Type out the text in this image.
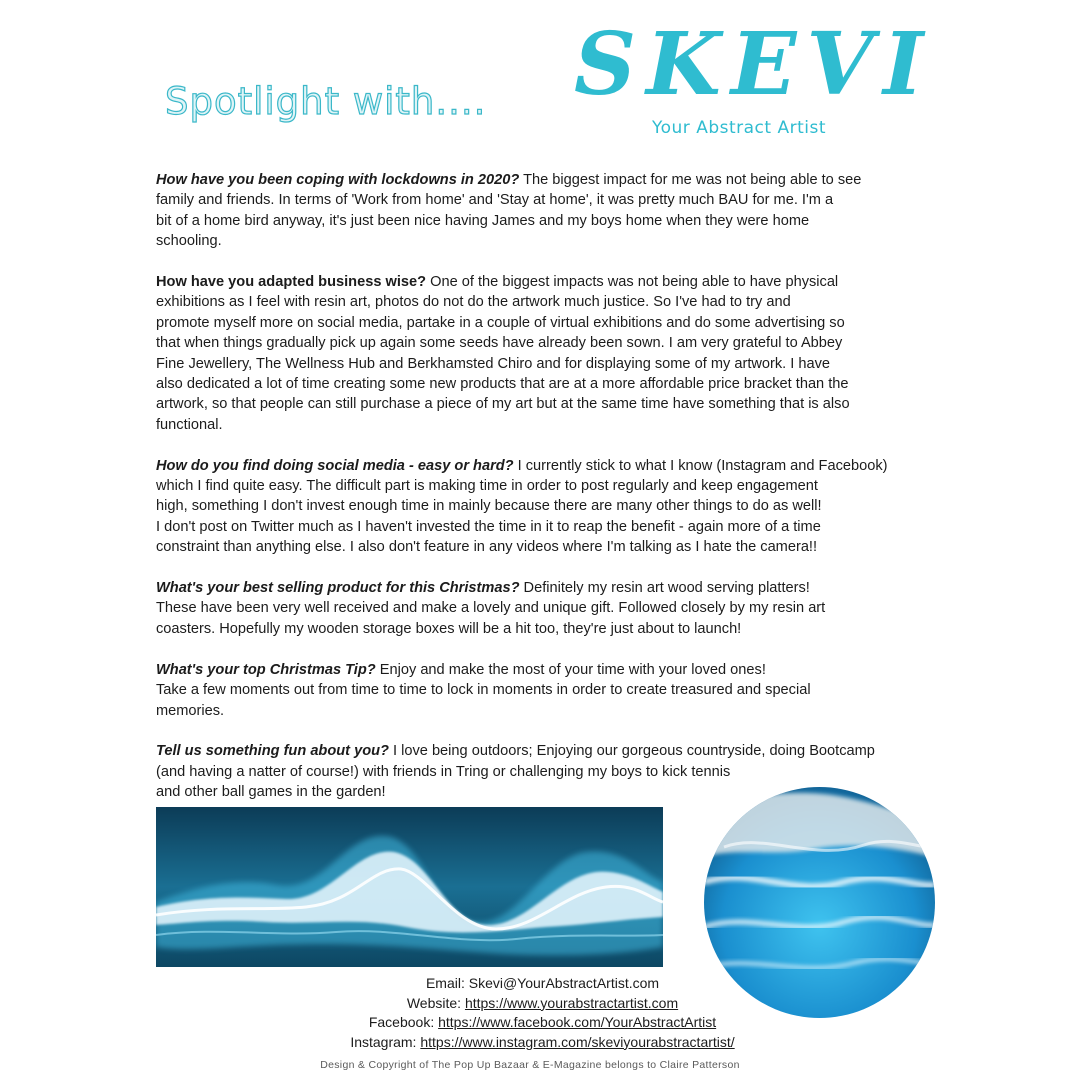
Spotlight with.... SKEVI
Your Abstract Artist

How have you been coping with lockdowns in 2020? The biggest impact for me was not being able to see
family and friends. In terms of 'Work from home' and 'Stay at home', it was pretty much BAU for me. I'm a
bit of a home bird anyway, it's just been nice having James and my boys home when they were home
schooling.

How have you adapted business wise? One of the biggest impacts was not being able to have physical
exhibitions as I feel with resin art, photos do not do the artwork much justice. So I've had to try and
promote myself more on social media, partake in a couple of virtual exhibitions and do some advertising so
that when things gradually pick up again some seeds have already been sown. I am very grateful to Abbey
Fine Jewellery, The Wellness Hub and Berkhamsted Chiro and for displaying some of my artwork. I have
also dedicated a lot of time creating some new products that are at a more affordable price bracket than the
artwork, so that people can still purchase a piece of my art but at the same time have something that is also
functional.

How do you find doing social media - easy or hard? I currently stick to what I know (Instagram and Facebook)
which I find quite easy. The difficult part is making time in order to post regularly and keep engagement
high, something I don't invest enough time in mainly because there are many other things to do as well!
I don't post on Twitter much as I haven't invested the time in it to reap the benefit - again more of a time
constraint than anything else. I also don't feature in any videos where I'm talking as I hate the camera!!

What's your best selling product for this Christmas? Definitely my resin art wood serving platters!
These have been very well received and make a lovely and unique gift. Followed closely by my resin art
coasters. Hopefully my wooden storage boxes will be a hit too, they're just about to launch!

What's your top Christmas Tip? Enjoy and make the most of your time with your loved ones!
Take a few moments out from time to time to lock in moments in order to create treasured and special
memories.

Tell us something fun about you? I love being outdoors; Enjoying our gorgeous countryside, doing Bootcamp
(and having a natter of course!) with friends in Tring or challenging my boys to kick tennis
and other ball games in the garden!

Email: Skevi@YourAbstractArtist.com
Website: https://www.yourabstractartist.com
Facebook: https://www.facebook.com/YourAbstractArtist
Instagram: https://www.instagram.com/skeviyourabstractartist/
Design & Copyright of The Pop Up Bazaar & E-Magazine belongs to Claire Patterson
